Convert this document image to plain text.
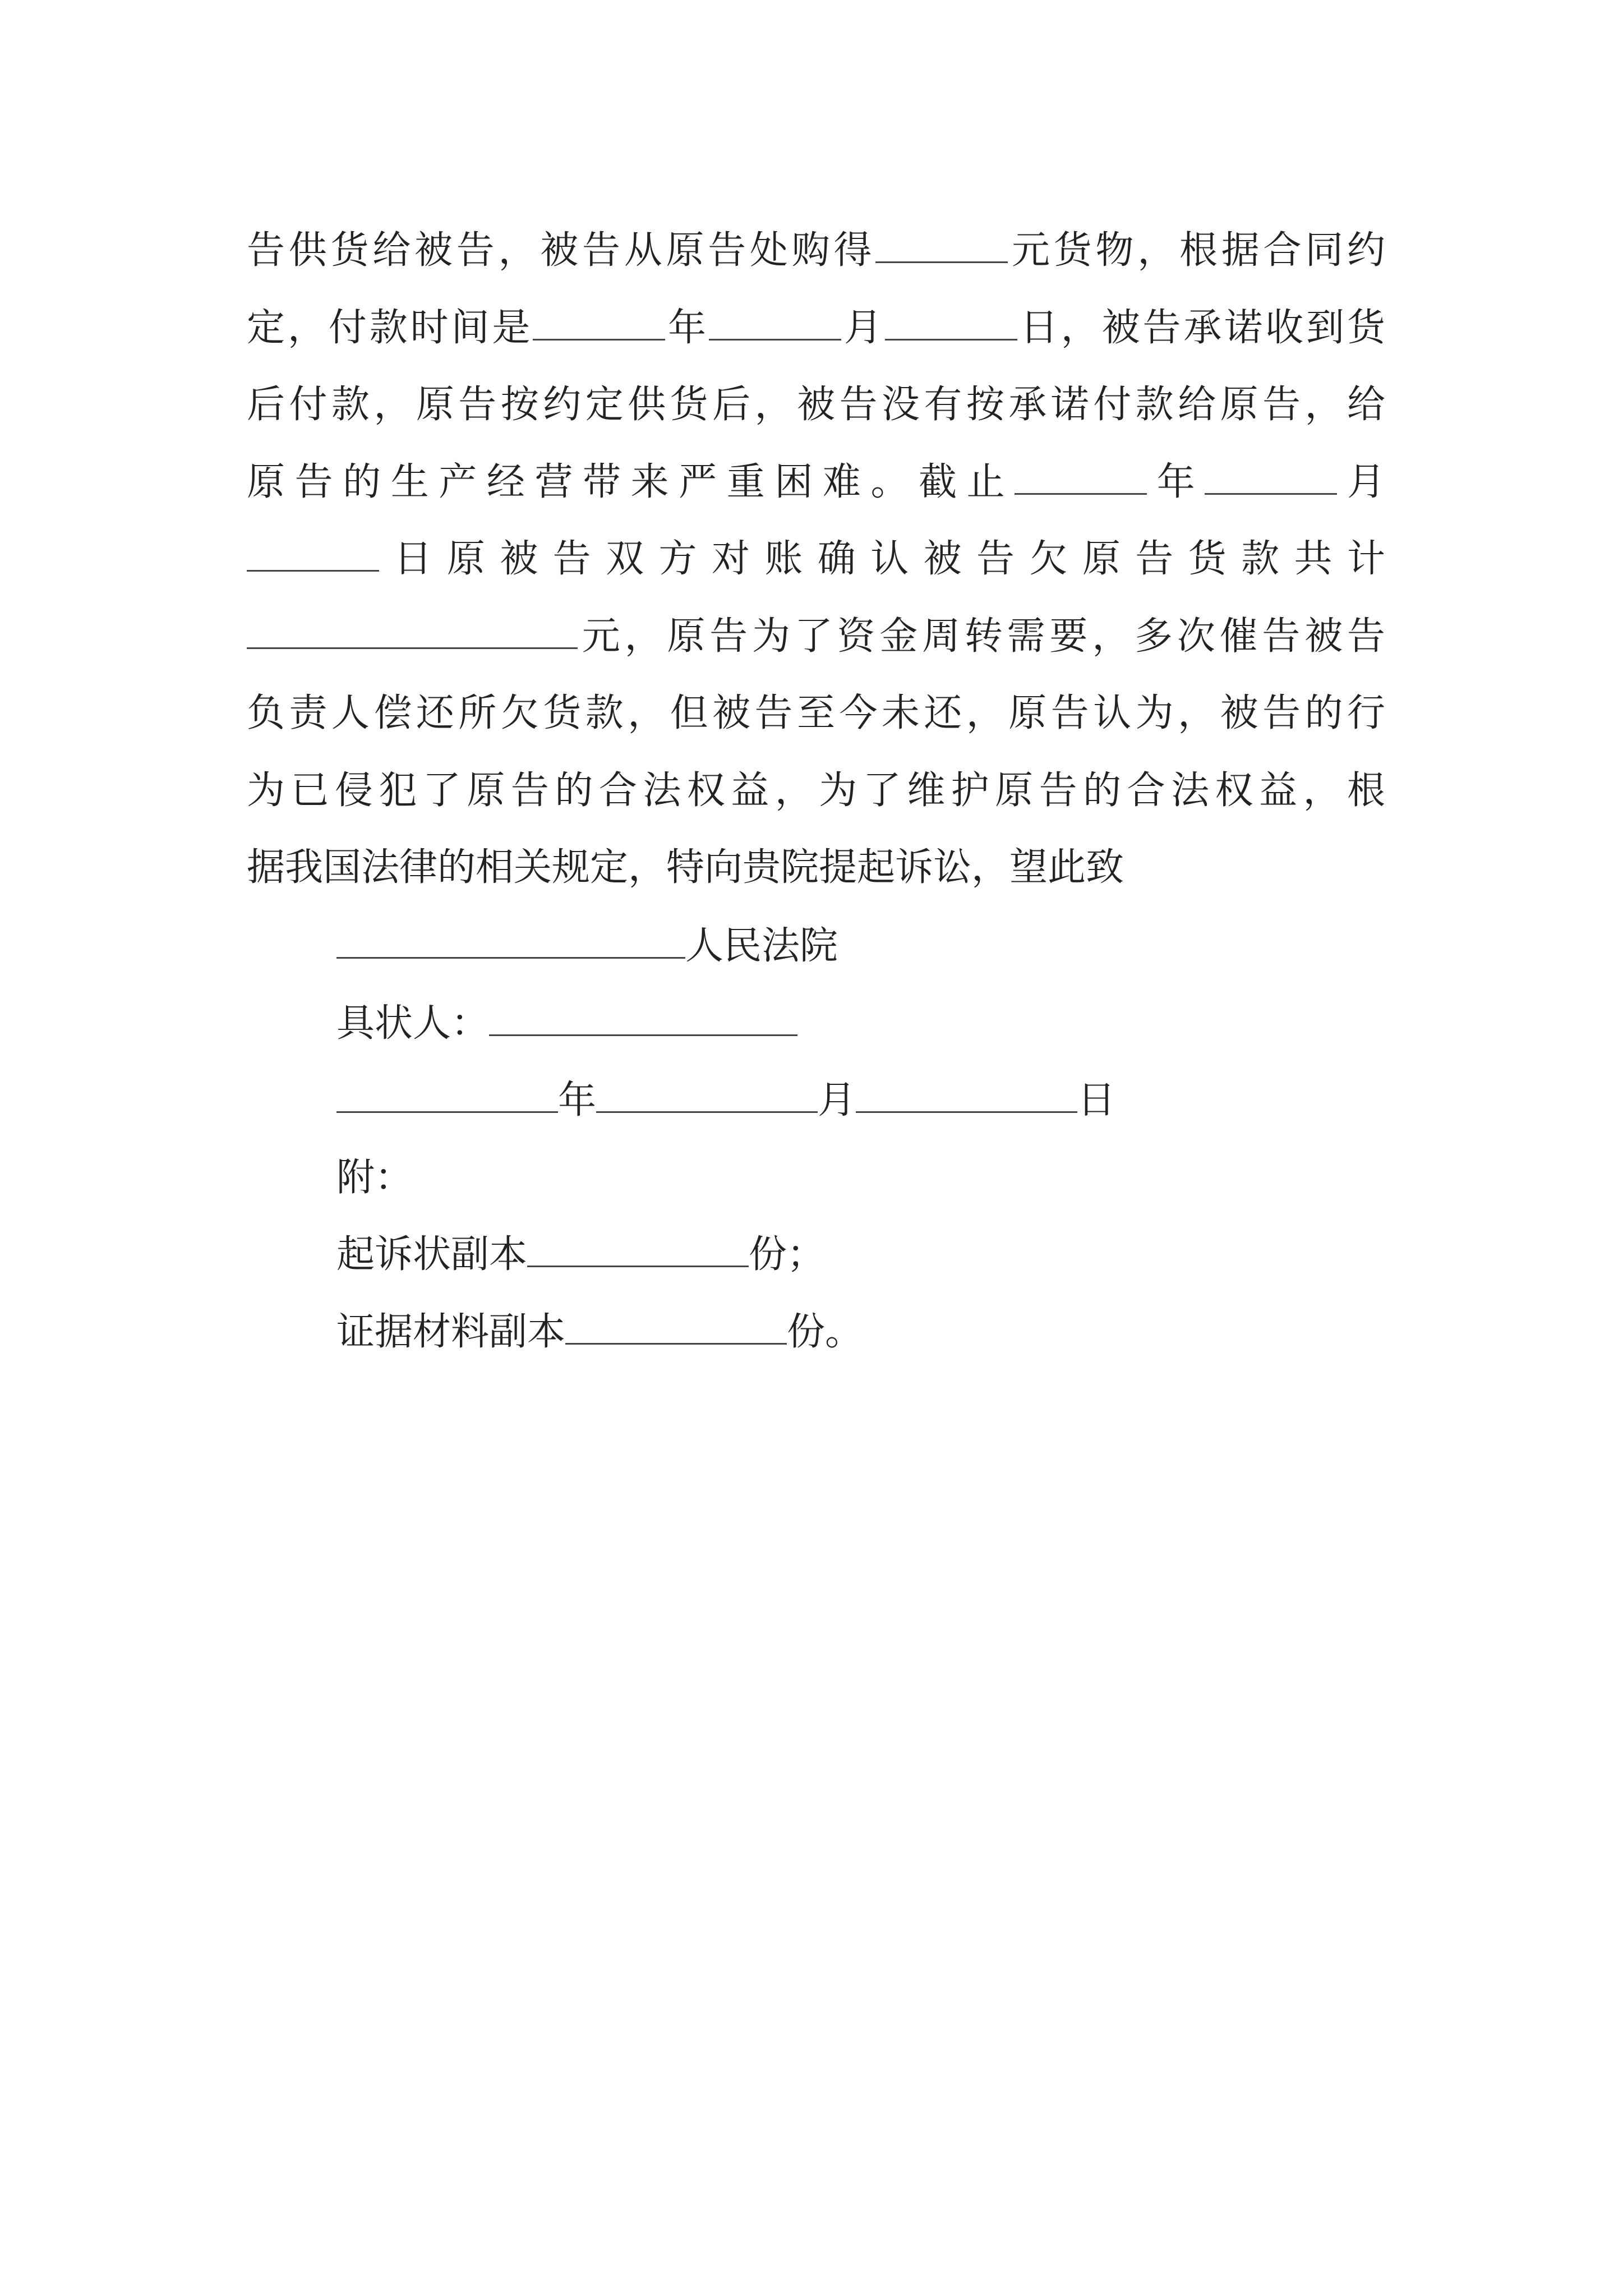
告供货给被告，被告从原告处购得	元货物，根据合同约
定，付款时间是	年	月	日，被告承诺收到货
后付款，原告按约定供货后，被告没有按承诺付款给原告，给
原告的生产经营带来严重困难。截止	年	月
日原被告双方对账确认被告欠原告货款共计
元，原告为了资金周转需要，多次催告被告
负责人偿还所欠货款，但被告至今未还，原告认为，被告的行
为已侵犯了原告的合法权益，为了维护原告的合法权益，根
据我国法律的相关规定，特向贵院提起诉讼，望此致
人民法院
具状人：
年	月	日
附：
起诉状副本	份；
证据材料副本	份。
